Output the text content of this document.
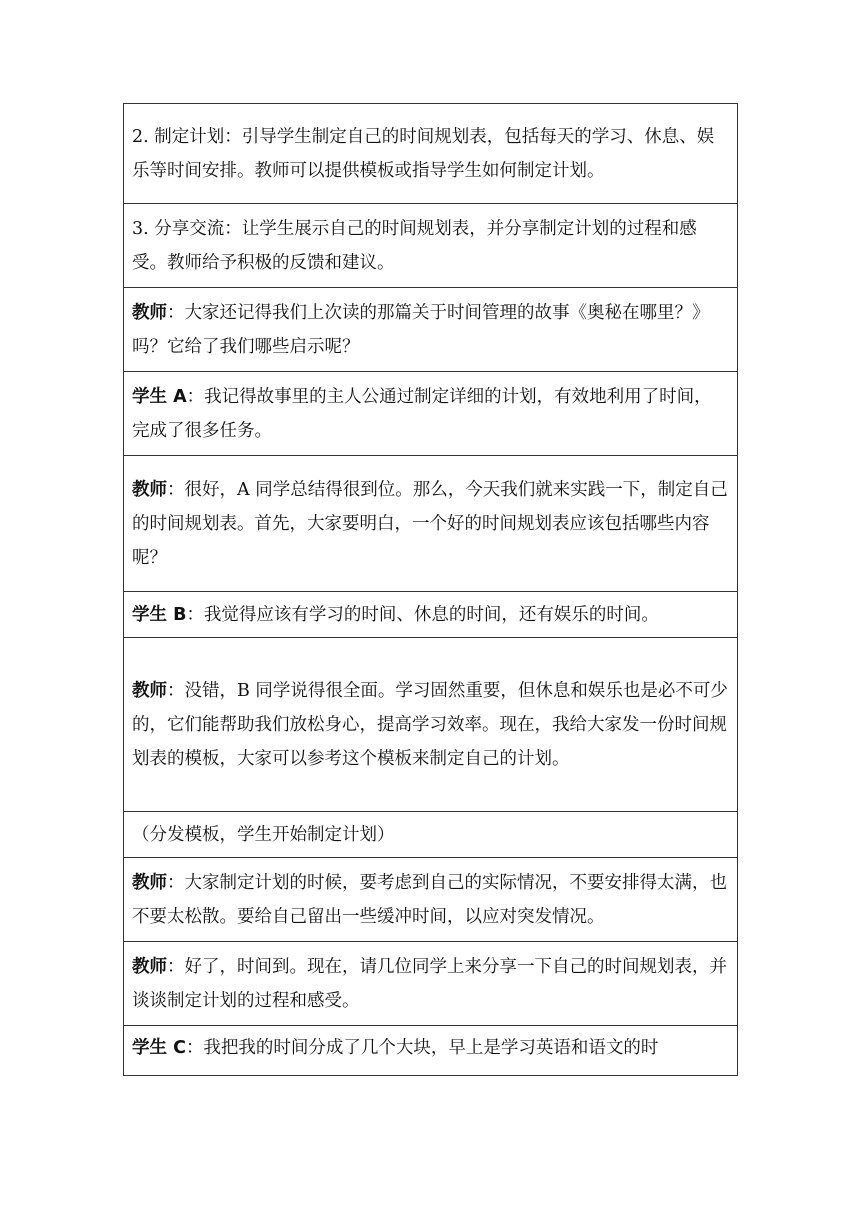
2. 制定计划：引导学生制定自己的时间规划表，包括每天的学习、休息、娱乐等时间安排。教师可以提供模板或指导学生如何制定计划。
3. 分享交流：让学生展示自己的时间规划表，并分享制定计划的过程和感受。教师给予积极的反馈和建议。
教师：大家还记得我们上次读的那篇关于时间管理的故事《奥秘在哪里？》吗？它给了我们哪些启示呢？
学生 A：我记得故事里的主人公通过制定详细的计划，有效地利用了时间，完成了很多任务。
教师：很好，A 同学总结得很到位。那么，今天我们就来实践一下，制定自己的时间规划表。首先，大家要明白，一个好的时间规划表应该包括哪些内容呢？
学生 B：我觉得应该有学习的时间、休息的时间，还有娱乐的时间。
教师：没错，B 同学说得很全面。学习固然重要，但休息和娱乐也是必不可少的，它们能帮助我们放松身心，提高学习效率。现在，我给大家发一份时间规划表的模板，大家可以参考这个模板来制定自己的计划。
（分发模板，学生开始制定计划）
教师：大家制定计划的时候，要考虑到自己的实际情况，不要安排得太满，也不要太松散。要给自己留出一些缓冲时间，以应对突发情况。
教师：好了，时间到。现在，请几位同学上来分享一下自己的时间规划表，并谈谈制定计划的过程和感受。
学生 C：我把我的时间分成了几个大块，早上是学习英语和语文的时
